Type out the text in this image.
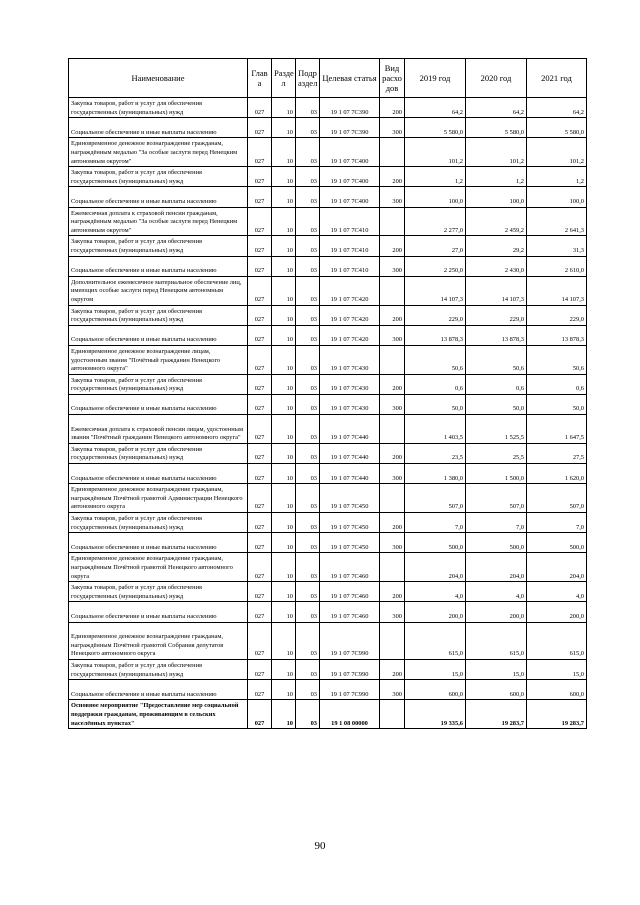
Наименование	Глав а	Разде л	Подр аздел	Целевая статья	Вид расхо дов	2019 год	2020 год	2021 год
Закупка товаров, работ и услуг для обеспечения государственных (муниципальных) нужд	027	10	03	19 1 07 7С390	200	64,2	64,2	64,2
Социальное обеспечение и иные выплаты населению	027	10	03	19 1 07 7С390	300	5 580,0	5 580,0	5 580,0
Единовременное денежное вознаграждение гражданам, награждённым медалью "За особые заслуги перед Ненецким автономным округом"	027	10	03	19 1 07 7С400		101,2	101,2	101,2
Закупка товаров, работ и услуг для обеспечения государственных (муниципальных) нужд	027	10	03	19 1 07 7С400	200	1,2	1,2	1,2
Социальное обеспечение и иные выплаты населению	027	10	03	19 1 07 7С400	300	100,0	100,0	100,0
Ежемесячная доплата к страховой пенсии гражданам, награждённым медалью "За особые заслуги перед Ненецким автономным округом"	027	10	03	19 1 07 7С410		2 277,0	2 459,2	2 641,3
Закупка товаров, работ и услуг для обеспечения государственных (муниципальных) нужд	027	10	03	19 1 07 7С410	200	27,0	29,2	31,3
Социальное обеспечение и иные выплаты населению	027	10	03	19 1 07 7С410	300	2 250,0	2 430,0	2 610,0
Дополнительное ежемесячное материальное обеспечение лиц, имеющих особые заслуги перед Ненецким автономным округом	027	10	03	19 1 07 7С420		14 107,3	14 107,3	14 107,3
Закупка товаров, работ и услуг для обеспечения государственных (муниципальных) нужд	027	10	03	19 1 07 7С420	200	229,0	229,0	229,0
Социальное обеспечение и иные выплаты населению	027	10	03	19 1 07 7С420	300	13 878,3	13 878,3	13 878,3
Единовременное денежное вознаграждение лицам, удостоенным звания "Почётный гражданин Ненецкого автономного округа"	027	10	03	19 1 07 7С430		50,6	50,6	50,6
Закупка товаров, работ и услуг для обеспечения государственных (муниципальных) нужд	027	10	03	19 1 07 7С430	200	0,6	0,6	0,6
Социальное обеспечение и иные выплаты населению	027	10	03	19 1 07 7С430	300	50,0	50,0	50,0
Ежемесячная доплата к страховой пенсии лицам, удостоенным звания "Почётный гражданин Ненецкого автономного округа"	027	10	03	19 1 07 7С440		1 403,5	1 525,5	1 647,5
Закупка товаров, работ и услуг для обеспечения государственных (муниципальных) нужд	027	10	03	19 1 07 7С440	200	23,5	25,5	27,5
Социальное обеспечение и иные выплаты населению	027	10	03	19 1 07 7С440	300	1 380,0	1 500,0	1 620,0
Единовременное денежное вознаграждение гражданам, награждённым Почётной грамотой Администрации Ненецкого автономного округа	027	10	03	19 1 07 7С450		507,0	507,0	507,0
Закупка товаров, работ и услуг для обеспечения государственных (муниципальных) нужд	027	10	03	19 1 07 7С450	200	7,0	7,0	7,0
Социальное обеспечение и иные выплаты населению	027	10	03	19 1 07 7С450	300	500,0	500,0	500,0
Единовременное денежное вознаграждение гражданам, награждённым Почётной грамотой Ненецкого автономного округа	027	10	03	19 1 07 7С460		204,0	204,0	204,0
Закупка товаров, работ и услуг для обеспечения государственных (муниципальных) нужд	027	10	03	19 1 07 7С460	200	4,0	4,0	4,0
Социальное обеспечение и иные выплаты населению	027	10	03	19 1 07 7С460	300	200,0	200,0	200,0
Единовременное денежное вознаграждение гражданам, награждённым Почётной грамотой Собрания депутатов Ненецкого автономного округа	027	10	03	19 1 07 7С990		615,0	615,0	615,0
Закупка товаров, работ и услуг для обеспечения государственных (муниципальных) нужд	027	10	03	19 1 07 7С990	200	15,0	15,0	15,0
Социальное обеспечение и иные выплаты населению	027	10	03	19 1 07 7С990	300	600,0	600,0	600,0
Основное мероприятие "Предоставление мер социальной поддержки гражданам, проживающим в сельских населённых пунктах"	027	10	03	19 1 08 00000		19 335,6	19 283,7	19 283,7
90
